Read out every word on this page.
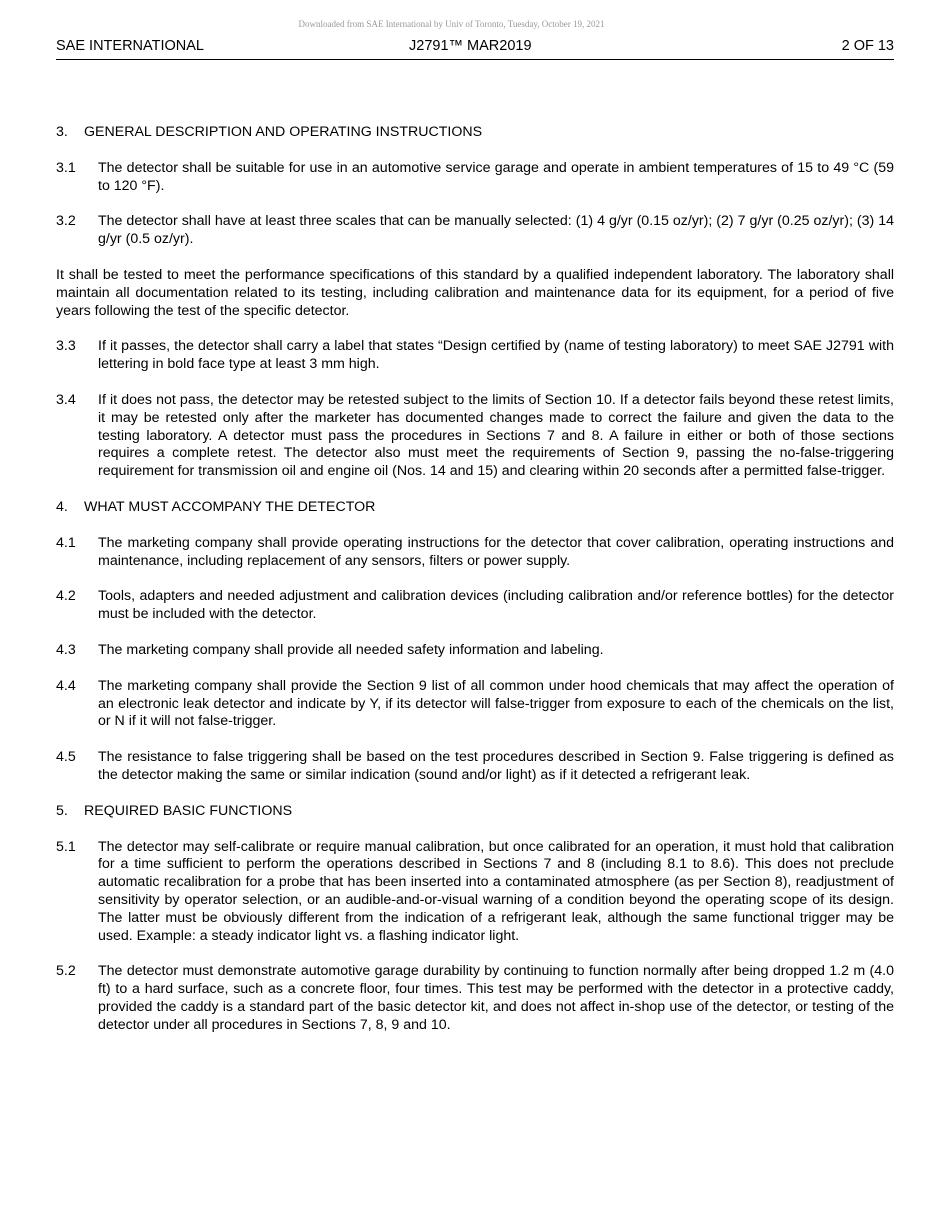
Downloaded from SAE International by Univ of Toronto, Tuesday, October 19, 2021
SAE INTERNATIONAL	J2791™ MAR2019	2 OF 13
3. GENERAL DESCRIPTION AND OPERATING INSTRUCTIONS
3.1	The detector shall be suitable for use in an automotive service garage and operate in ambient temperatures of 15 to 49 °C (59 to 120 °F).
3.2	The detector shall have at least three scales that can be manually selected: (1) 4 g/yr (0.15 oz/yr); (2) 7 g/yr (0.25 oz/yr); (3) 14 g/yr (0.5 oz/yr).
It shall be tested to meet the performance specifications of this standard by a qualified independent laboratory. The laboratory shall maintain all documentation related to its testing, including calibration and maintenance data for its equipment, for a period of five years following the test of the specific detector.
3.3	If it passes, the detector shall carry a label that states “Design certified by (name of testing laboratory) to meet SAE J2791 with lettering in bold face type at least 3 mm high.
3.4	If it does not pass, the detector may be retested subject to the limits of Section 10. If a detector fails beyond these retest limits, it may be retested only after the marketer has documented changes made to correct the failure and given the data to the testing laboratory. A detector must pass the procedures in Sections 7 and 8. A failure in either or both of those sections requires a complete retest. The detector also must meet the requirements of Section 9, passing the no-false-triggering requirement for transmission oil and engine oil (Nos. 14 and 15) and clearing within 20 seconds after a permitted false-trigger.
4. WHAT MUST ACCOMPANY THE DETECTOR
4.1	The marketing company shall provide operating instructions for the detector that cover calibration, operating instructions and maintenance, including replacement of any sensors, filters or power supply.
4.2	Tools, adapters and needed adjustment and calibration devices (including calibration and/or reference bottles) for the detector must be included with the detector.
4.3	The marketing company shall provide all needed safety information and labeling.
4.4	The marketing company shall provide the Section 9 list of all common under hood chemicals that may affect the operation of an electronic leak detector and indicate by Y, if its detector will false-trigger from exposure to each of the chemicals on the list, or N if it will not false-trigger.
4.5	The resistance to false triggering shall be based on the test procedures described in Section 9. False triggering is defined as the detector making the same or similar indication (sound and/or light) as if it detected a refrigerant leak.
5. REQUIRED BASIC FUNCTIONS
5.1	The detector may self-calibrate or require manual calibration, but once calibrated for an operation, it must hold that calibration for a time sufficient to perform the operations described in Sections 7 and 8 (including 8.1 to 8.6). This does not preclude automatic recalibration for a probe that has been inserted into a contaminated atmosphere (as per Section 8), readjustment of sensitivity by operator selection, or an audible-and-or-visual warning of a condition beyond the operating scope of its design. The latter must be obviously different from the indication of a refrigerant leak, although the same functional trigger may be used. Example: a steady indicator light vs. a flashing indicator light.
5.2	The detector must demonstrate automotive garage durability by continuing to function normally after being dropped 1.2 m (4.0 ft) to a hard surface, such as a concrete floor, four times. This test may be performed with the detector in a protective caddy, provided the caddy is a standard part of the basic detector kit, and does not affect in-shop use of the detector, or testing of the detector under all procedures in Sections 7, 8, 9 and 10.
